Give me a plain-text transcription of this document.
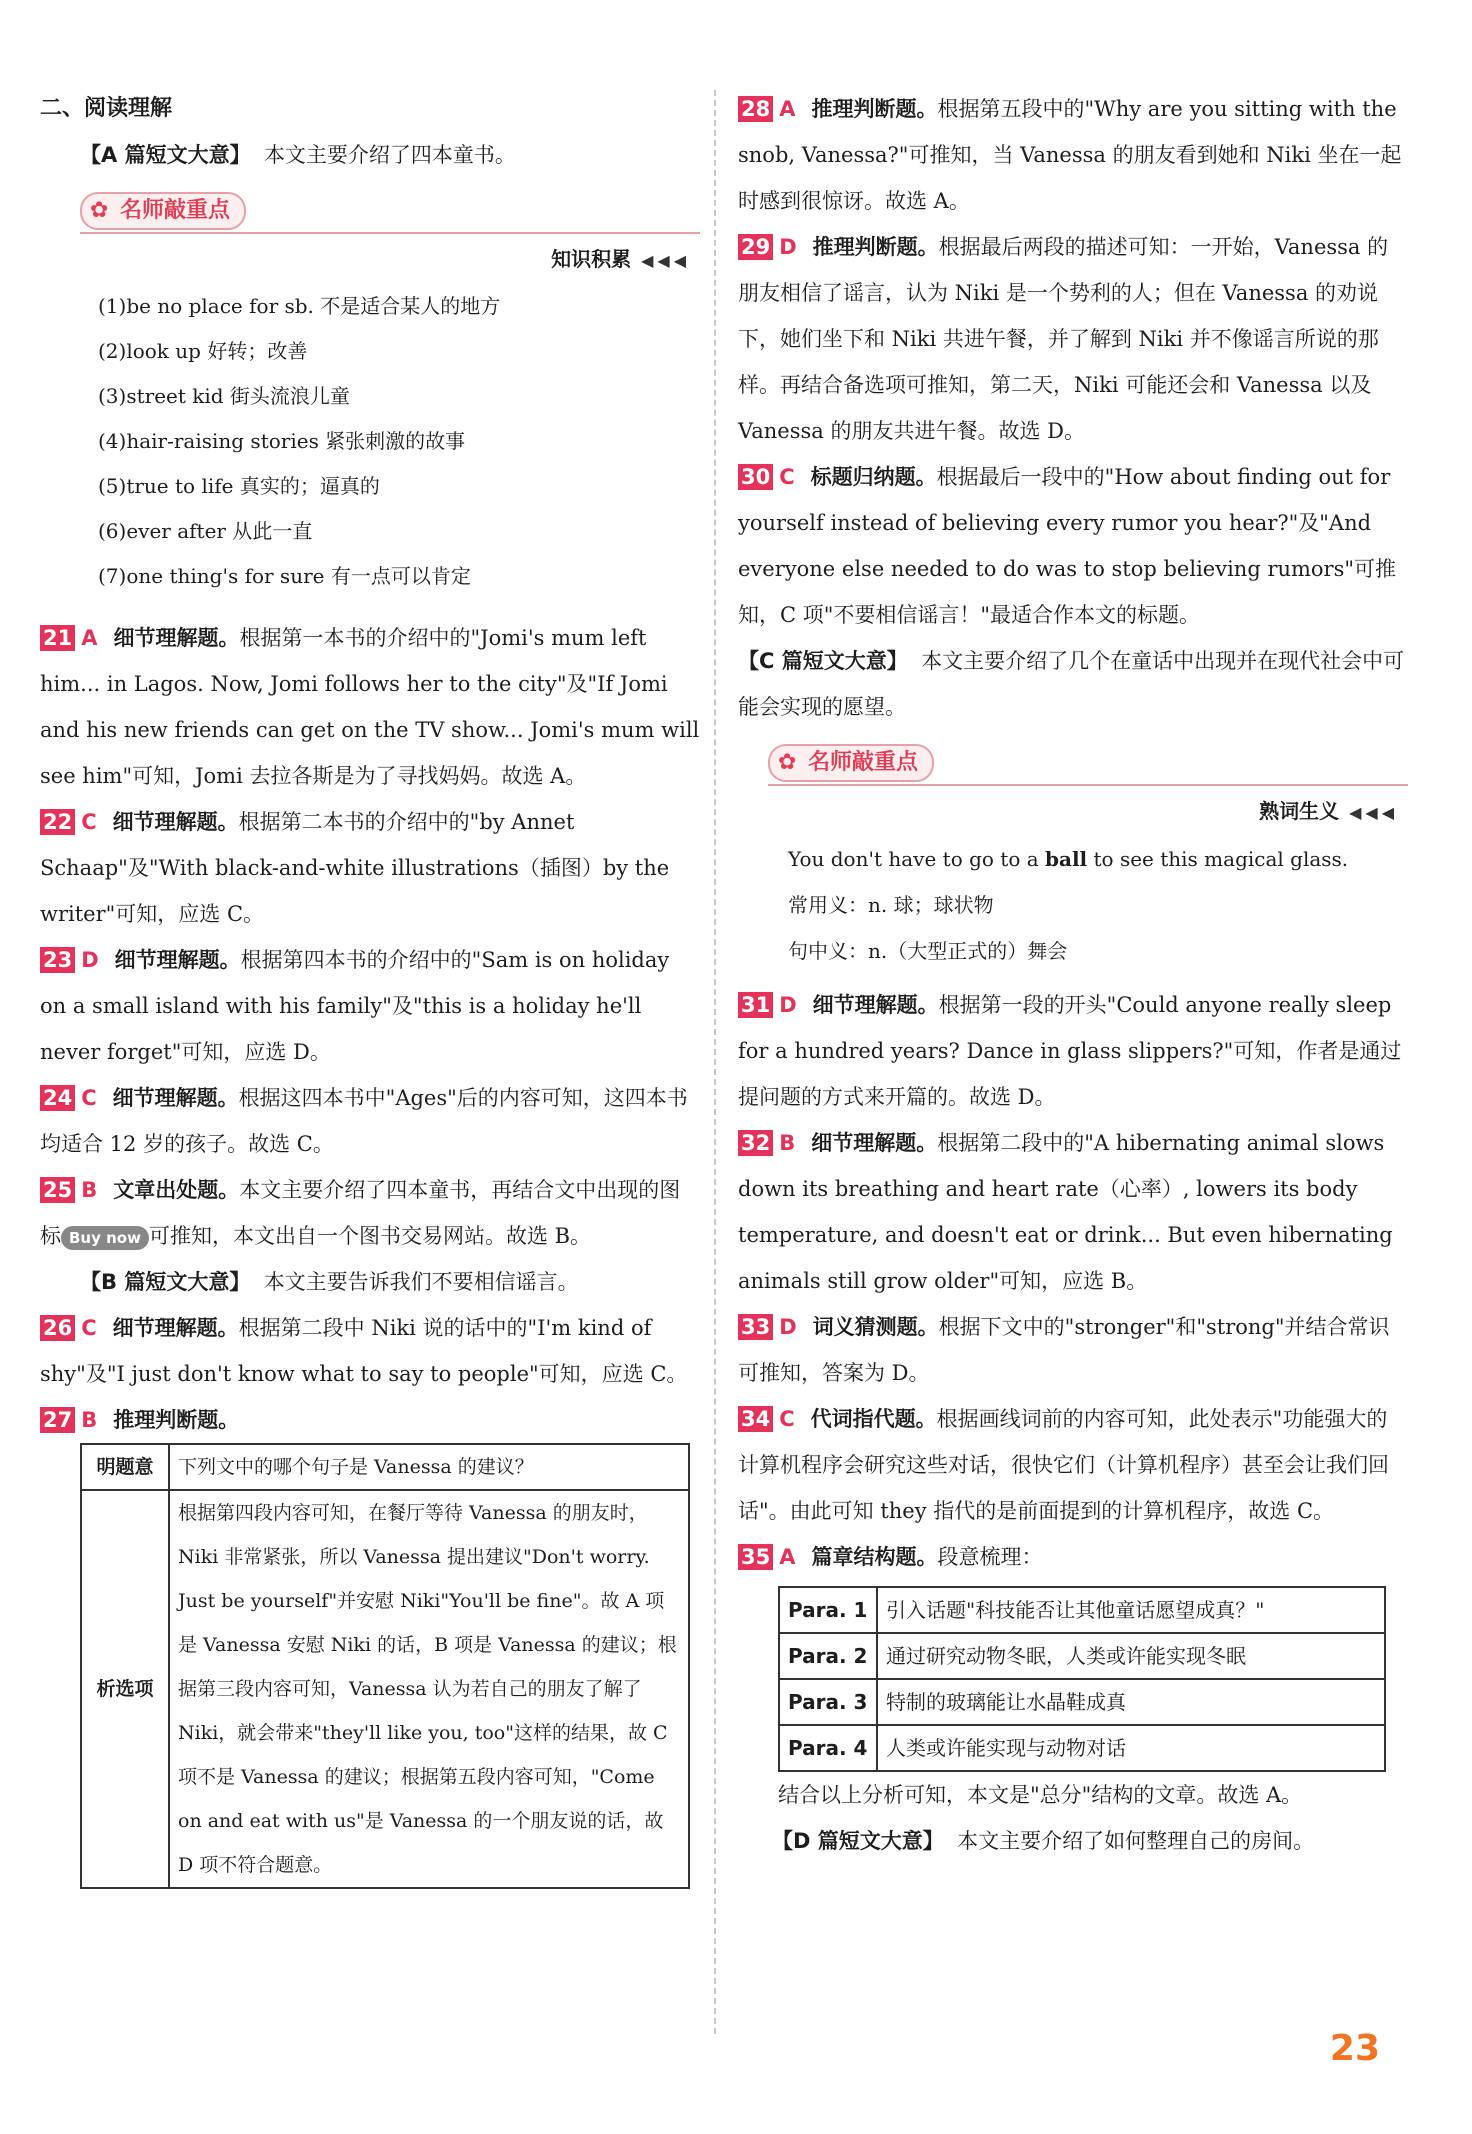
二、阅读理解

【A 篇短文大意】 本文主要介绍了四本童书。

✿ 名师敲重点

知识积累 ◀◀◀

(1)be no place for sb. 不是适合某人的地方

(2)look up 好转；改善

(3)street kid 街头流浪儿童

(4)hair-raising stories 紧张刺激的故事

(5)true to life 真实的；逼真的

(6)ever after 从此一直

(7)one thing's for sure 有一点可以肯定

21 A 细节理解题。根据第一本书的介绍中的"Jomi's mum left him... in Lagos. Now, Jomi follows her to the city"及"If Jomi and his new friends can get on the TV show... Jomi's mum will see him"可知，Jomi 去拉各斯是为了寻找妈妈。故选 A。

22 C 细节理解题。根据第二本书的介绍中的"by Annet Schaap"及"With black-and-white illustrations（插图）by the writer"可知，应选 C。

23 D 细节理解题。根据第四本书的介绍中的"Sam is on holiday on a small island with his family"及"this is a holiday he'll never forget"可知，应选 D。

24 C 细节理解题。根据这四本书中"Ages"后的内容可知，这四本书均适合 12 岁的孩子。故选 C。

25 B 文章出处题。本文主要介绍了四本童书，再结合文中出现的图标 Buy now 可推知，本文出自一个图书交易网站。故选 B。

【B 篇短文大意】 本文主要告诉我们不要相信谣言。

26 C 细节理解题。根据第二段中 Niki 说的话中的"I'm kind of shy"及"I just don't know what to say to people"可知，应选 C。

27 B 推理判断题。

明题意	下列文中的哪个句子是 Vanessa 的建议？
析选项	根据第四段内容可知，在餐厅等待 Vanessa 的朋友时，Niki 非常紧张，所以 Vanessa 提出建议"Don't worry. Just be yourself"并安慰 Niki"You'll be fine"。故 A 项是 Vanessa 安慰 Niki 的话，B 项是 Vanessa 的建议；根据第三段内容可知，Vanessa 认为若自己的朋友了解了 Niki，就会带来"they'll like you, too"这样的结果，故 C 项不是 Vanessa 的建议；根据第五段内容可知，"Come on and eat with us"是 Vanessa 的一个朋友说的话，故 D 项不符合题意。

28 A 推理判断题。根据第五段中的"Why are you sitting with the snob, Vanessa?"可推知，当 Vanessa 的朋友看到她和 Niki 坐在一起时感到很惊讶。故选 A。

29 D 推理判断题。根据最后两段的描述可知：一开始，Vanessa 的朋友相信了谣言，认为 Niki 是一个势利的人；但在 Vanessa 的劝说下，她们坐下和 Niki 共进午餐，并了解到 Niki 并不像谣言所说的那样。再结合备选项可推知，第二天，Niki 可能还会和 Vanessa 以及 Vanessa 的朋友共进午餐。故选 D。

30 C 标题归纳题。根据最后一段中的"How about finding out for yourself instead of believing every rumor you hear?"及"And everyone else needed to do was to stop believing rumors"可推知，C 项"不要相信谣言！"最适合作本文的标题。

【C 篇短文大意】 本文主要介绍了几个在童话中出现并在现代社会中可能会实现的愿望。

✿ 名师敲重点

熟词生义 ◀◀◀

You don't have to go to a ball to see this magical glass.

常用义：n. 球；球状物

句中义：n.（大型正式的）舞会

31 D 细节理解题。根据第一段的开头"Could anyone really sleep for a hundred years? Dance in glass slippers?"可知，作者是通过提问题的方式来开篇的。故选 D。

32 B 细节理解题。根据第二段中的"A hibernating animal slows down its breathing and heart rate（心率）, lowers its body temperature, and doesn't eat or drink... But even hibernating animals still grow older"可知，应选 B。

33 D 词义猜测题。根据下文中的"stronger"和"strong"并结合常识可推知，答案为 D。

34 C 代词指代题。根据画线词前的内容可知，此处表示"功能强大的计算机程序会研究这些对话，很快它们（计算机程序）甚至会让我们回话"。由此可知 they 指代的是前面提到的计算机程序，故选 C。

35 A 篇章结构题。段意梳理：

Para. 1	引入话题"科技能否让其他童话愿望成真？"
Para. 2	通过研究动物冬眠，人类或许能实现冬眠
Para. 3	特制的玻璃能让水晶鞋成真
Para. 4	人类或许能实现与动物对话

结合以上分析可知，本文是"总分"结构的文章。故选 A。

【D 篇短文大意】 本文主要介绍了如何整理自己的房间。

23
